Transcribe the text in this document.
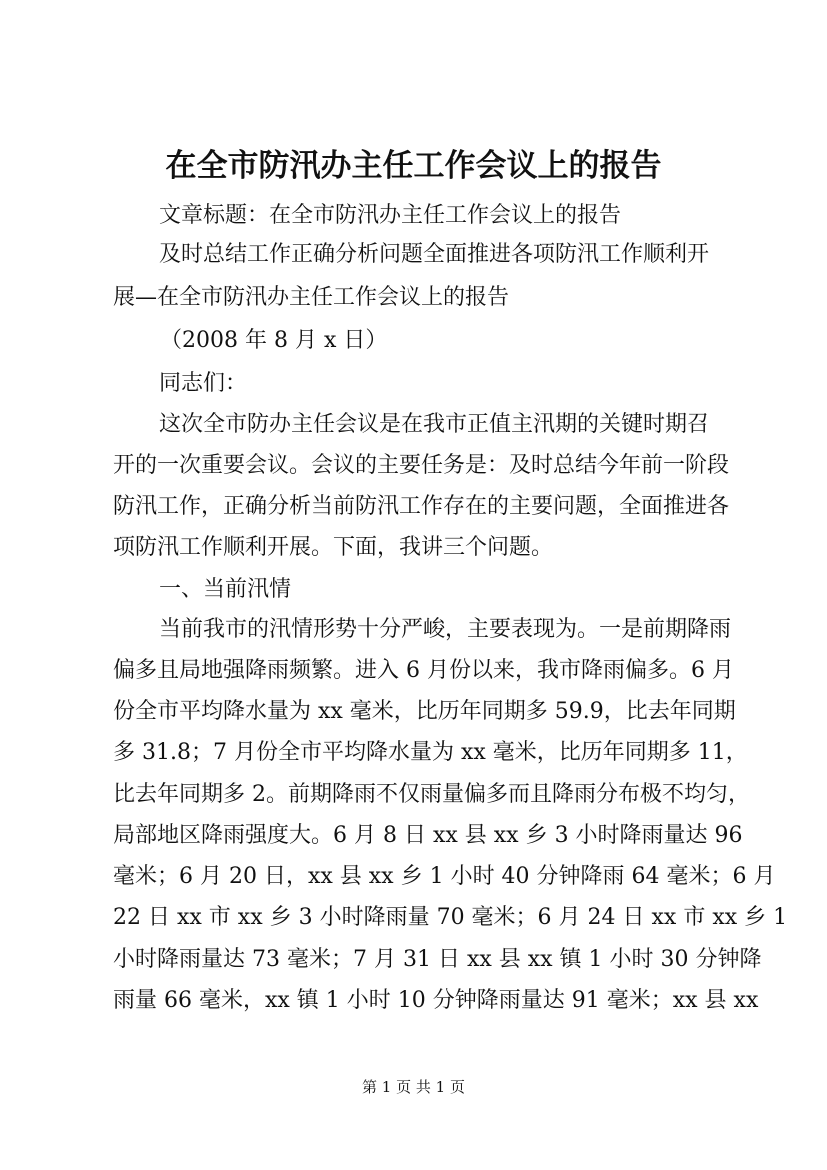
在全市防汛办主任工作会议上的报告
文章标题：在全市防汛办主任工作会议上的报告
及时总结工作正确分析问题全面推进各项防汛工作顺利开
展—在全市防汛办主任工作会议上的报告
（2008 年 8 月 x 日）
同志们：
这次全市防办主任会议是在我市正值主汛期的关键时期召
开的一次重要会议。会议的主要任务是：及时总结今年前一阶段
防汛工作，正确分析当前防汛工作存在的主要问题，全面推进各
项防汛工作顺利开展。下面，我讲三个问题。
一、当前汛情
当前我市的汛情形势十分严峻，主要表现为。一是前期降雨
偏多且局地强降雨频繁。进入 6 月份以来，我市降雨偏多。6 月
份全市平均降水量为 xx 毫米，比历年同期多 59.9，比去年同期
多 31.8；7 月份全市平均降水量为 xx 毫米，比历年同期多 11，
比去年同期多 2。前期降雨不仅雨量偏多而且降雨分布极不均匀，
局部地区降雨强度大。6 月 8 日 xx 县 xx 乡 3 小时降雨量达 96
毫米；6 月 20 日，xx 县 xx 乡 1 小时 40 分钟降雨 64 毫米；6 月
22 日 xx 市 xx 乡 3 小时降雨量 70 毫米；6 月 24 日 xx 市 xx 乡 1
小时降雨量达 73 毫米；7 月 31 日 xx 县 xx 镇 1 小时 30 分钟降
雨量 66 毫米，xx 镇 1 小时 10 分钟降雨量达 91 毫米；xx 县 xx
第 1 页 共 1 页
